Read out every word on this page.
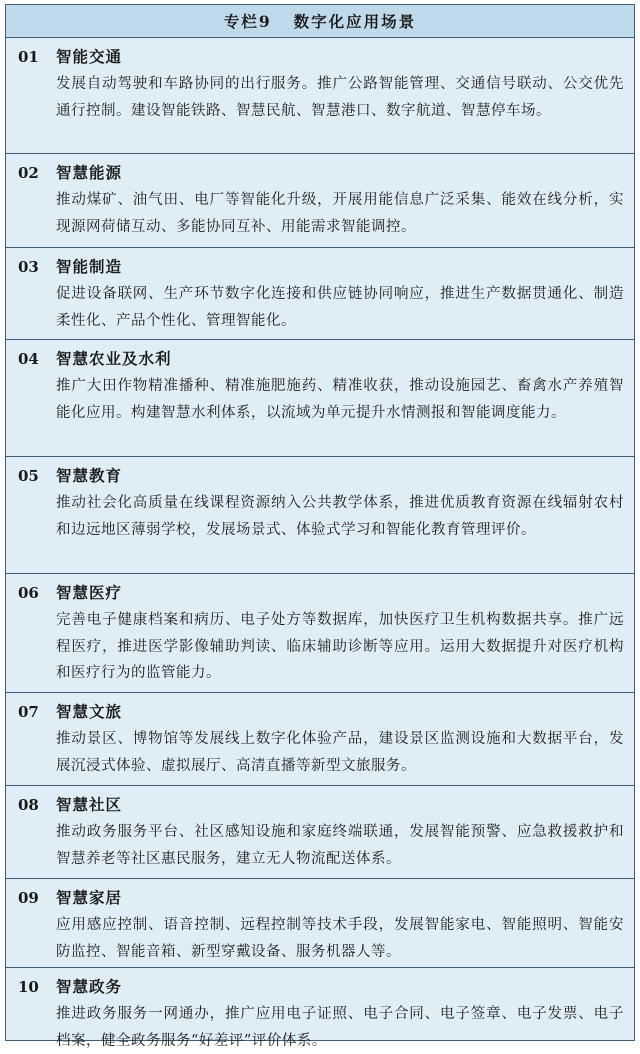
专栏9 数字化应用场景
01 智能交通
发展自动驾驶和车路协同的出行服务。推广公路智能管理、交通信号联动、公交优先通行控制。建设智能铁路、智慧民航、智慧港口、数字航道、智慧停车场。
02 智慧能源
推动煤矿、油气田、电厂等智能化升级，开展用能信息广泛采集、能效在线分析，实现源网荷储互动、多能协同互补、用能需求智能调控。
03 智能制造
促进设备联网、生产环节数字化连接和供应链协同响应，推进生产数据贯通化、制造柔性化、产品个性化、管理智能化。
04 智慧农业及水利
推广大田作物精准播种、精准施肥施药、精准收获，推动设施园艺、畜禽水产养殖智能化应用。构建智慧水利体系，以流域为单元提升水情测报和智能调度能力。
05 智慧教育
推动社会化高质量在线课程资源纳入公共教学体系，推进优质教育资源在线辐射农村和边远地区薄弱学校，发展场景式、体验式学习和智能化教育管理评价。
06 智慧医疗
完善电子健康档案和病历、电子处方等数据库，加快医疗卫生机构数据共享。推广远程医疗，推进医学影像辅助判读、临床辅助诊断等应用。运用大数据提升对医疗机构和医疗行为的监管能力。
07 智慧文旅
推动景区、博物馆等发展线上数字化体验产品，建设景区监测设施和大数据平台，发展沉浸式体验、虚拟展厅、高清直播等新型文旅服务。
08 智慧社区
推动政务服务平台、社区感知设施和家庭终端联通，发展智能预警、应急救援救护和智慧养老等社区惠民服务，建立无人物流配送体系。
09 智慧家居
应用感应控制、语音控制、远程控制等技术手段，发展智能家电、智能照明、智能安防监控、智能音箱、新型穿戴设备、服务机器人等。
10 智慧政务
推进政务服务一网通办，推广应用电子证照、电子合同、电子签章、电子发票、电子档案，健全政务服务“好差评”评价体系。
